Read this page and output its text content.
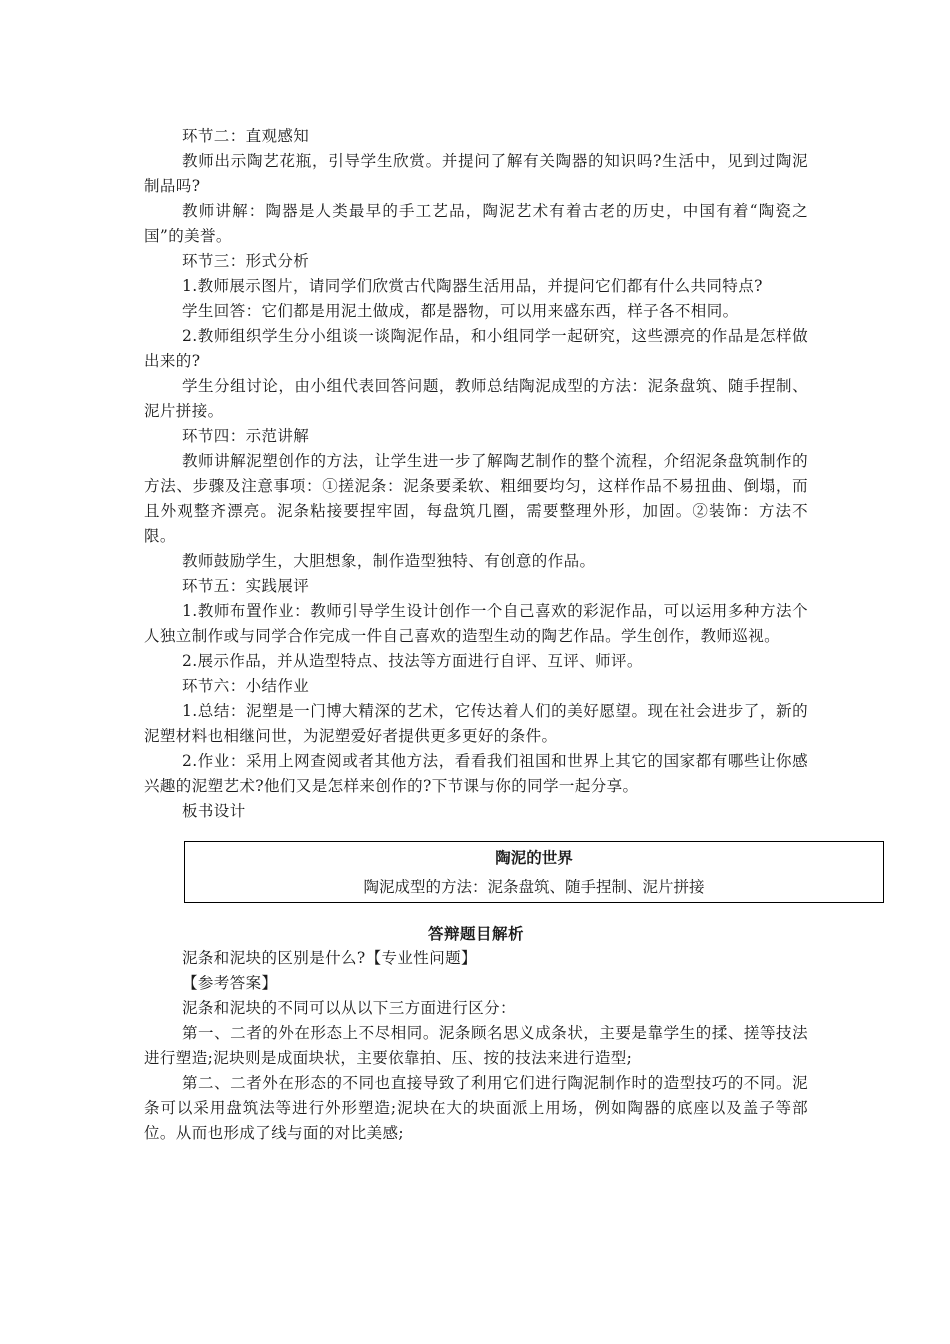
环节二：直观感知

教师出示陶艺花瓶，引导学生欣赏。并提问了解有关陶器的知识吗?生活中，见到过陶泥制品吗?

教师讲解：陶器是人类最早的手工艺品，陶泥艺术有着古老的历史，中国有着“陶瓷之国”的美誉。

环节三：形式分析

1.教师展示图片，请同学们欣赏古代陶器生活用品，并提问它们都有什么共同特点?

学生回答：它们都是用泥土做成，都是器物，可以用来盛东西，样子各不相同。

2.教师组织学生分小组谈一谈陶泥作品，和小组同学一起研究，这些漂亮的作品是怎样做出来的?

学生分组讨论，由小组代表回答问题，教师总结陶泥成型的方法：泥条盘筑、随手捏制、泥片拼接。

环节四：示范讲解

教师讲解泥塑创作的方法，让学生进一步了解陶艺制作的整个流程，介绍泥条盘筑制作的方法、步骤及注意事项：①搓泥条：泥条要柔软、粗细要均匀，这样作品不易扭曲、倒塌，而且外观整齐漂亮。泥条粘接要捏牢固，每盘筑几圈，需要整理外形，加固。②装饰：方法不限。

教师鼓励学生，大胆想象，制作造型独特、有创意的作品。

环节五：实践展评

1.教师布置作业：教师引导学生设计创作一个自己喜欢的彩泥作品，可以运用多种方法个人独立制作或与同学合作完成一件自己喜欢的造型生动的陶艺作品。学生创作，教师巡视。

2.展示作品，并从造型特点、技法等方面进行自评、互评、师评。

环节六：小结作业

1.总结：泥塑是一门博大精深的艺术，它传达着人们的美好愿望。现在社会进步了，新的泥塑材料也相继问世，为泥塑爱好者提供更多更好的条件。

2.作业：采用上网查阅或者其他方法，看看我们祖国和世界上其它的国家都有哪些让你感兴趣的泥塑艺术?他们又是怎样来创作的?下节课与你的同学一起分享。

板书设计

陶泥的世界
陶泥成型的方法：泥条盘筑、随手捏制、泥片拼接
答辩题目解析

泥条和泥块的区别是什么?【专业性问题】

【参考答案】

泥条和泥块的不同可以从以下三方面进行区分：

第一、二者的外在形态上不尽相同。泥条顾名思义成条状，主要是靠学生的揉、搓等技法进行塑造;泥块则是成面块状，主要依靠拍、压、按的技法来进行造型;

第二、二者外在形态的不同也直接导致了利用它们进行陶泥制作时的造型技巧的不同。泥条可以采用盘筑法等进行外形塑造;泥块在大的块面派上用场，例如陶器的底座以及盖子等部位。从而也形成了线与面的对比美感;
